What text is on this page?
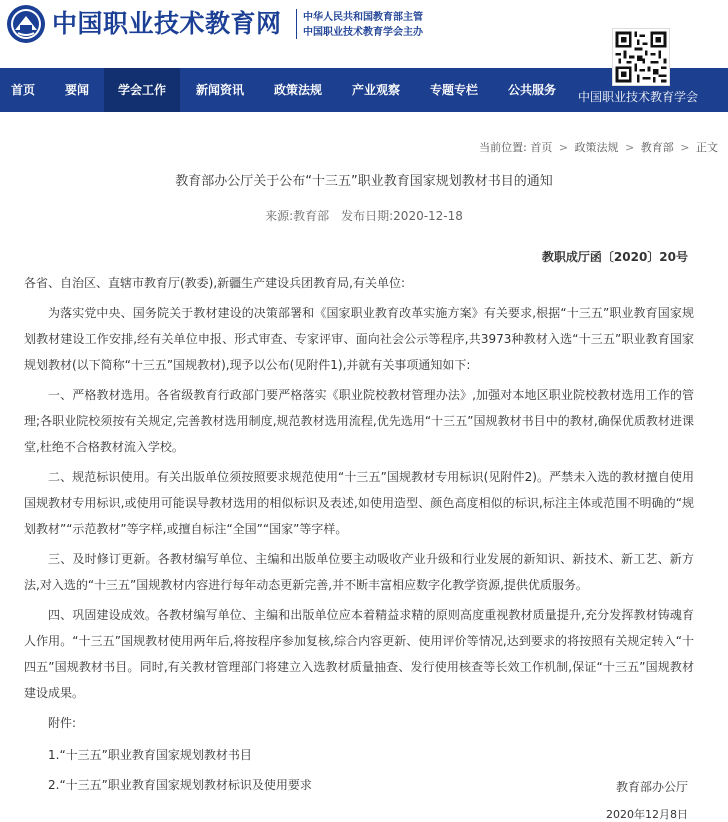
中国职业技术教育网 中华人民共和国教育部主管
中国职业技术教育学会主办
首页	要闻	学会工作	新闻资讯	政策法规	产业观察	专题专栏	公共服务	中国职业技术教育学会
当前位置: 首页 > 政策法规 > 教育部 > 正文
教育部办公厅关于公布“十三五”职业教育国家规划教材书目的通知
来源:教育部 发布日期:2020-12-18
教职成厅函〔2020〕20号

各省、自治区、直辖市教育厅(教委),新疆生产建设兵团教育局,有关单位:

为落实党中央、国务院关于教材建设的决策部署和《国家职业教育改革实施方案》有关要求,根据“十三五”职业教育国家规划教材建设工作安排,经有关单位申报、形式审查、专家评审、面向社会公示等程序,共3973种教材入选“十三五”职业教育国家规划教材(以下简称“十三五”国规教材),现予以公布(见附件1),并就有关事项通知如下:

一、严格教材选用。各省级教育行政部门要严格落实《职业院校教材管理办法》,加强对本地区职业院校教材选用工作的管理;各职业院校须按有关规定,完善教材选用制度,规范教材选用流程,优先选用“十三五”国规教材书目中的教材,确保优质教材进课堂,杜绝不合格教材流入学校。

二、规范标识使用。有关出版单位须按照要求规范使用“十三五”国规教材专用标识(见附件2)。严禁未入选的教材擅自使用国规教材专用标识,或使用可能误导教材选用的相似标识及表述,如使用造型、颜色高度相似的标识,标注主体或范围不明确的“规划教材”“示范教材”等字样,或擅自标注“全国”“国家”等字样。

三、及时修订更新。各教材编写单位、主编和出版单位要主动吸收产业升级和行业发展的新知识、新技术、新工艺、新方法,对入选的“十三五”国规教材内容进行每年动态更新完善,并不断丰富相应数字化教学资源,提供优质服务。

四、巩固建设成效。各教材编写单位、主编和出版单位应本着精益求精的原则高度重视教材质量提升,充分发挥教材铸魂育人作用。“十三五”国规教材使用两年后,将按程序参加复核,综合内容更新、使用评价等情况,达到要求的将按照有关规定转入“十四五”国规教材书目。同时,有关教材管理部门将建立入选教材质量抽查、发行使用核查等长效工作机制,保证“十三五”国规教材建设成果。

附件:

1.“十三五”职业教育国家规划教材书目
2.“十三五”职业教育国家规划教材标识及使用要求	教育部办公厅
2020年12月8日
